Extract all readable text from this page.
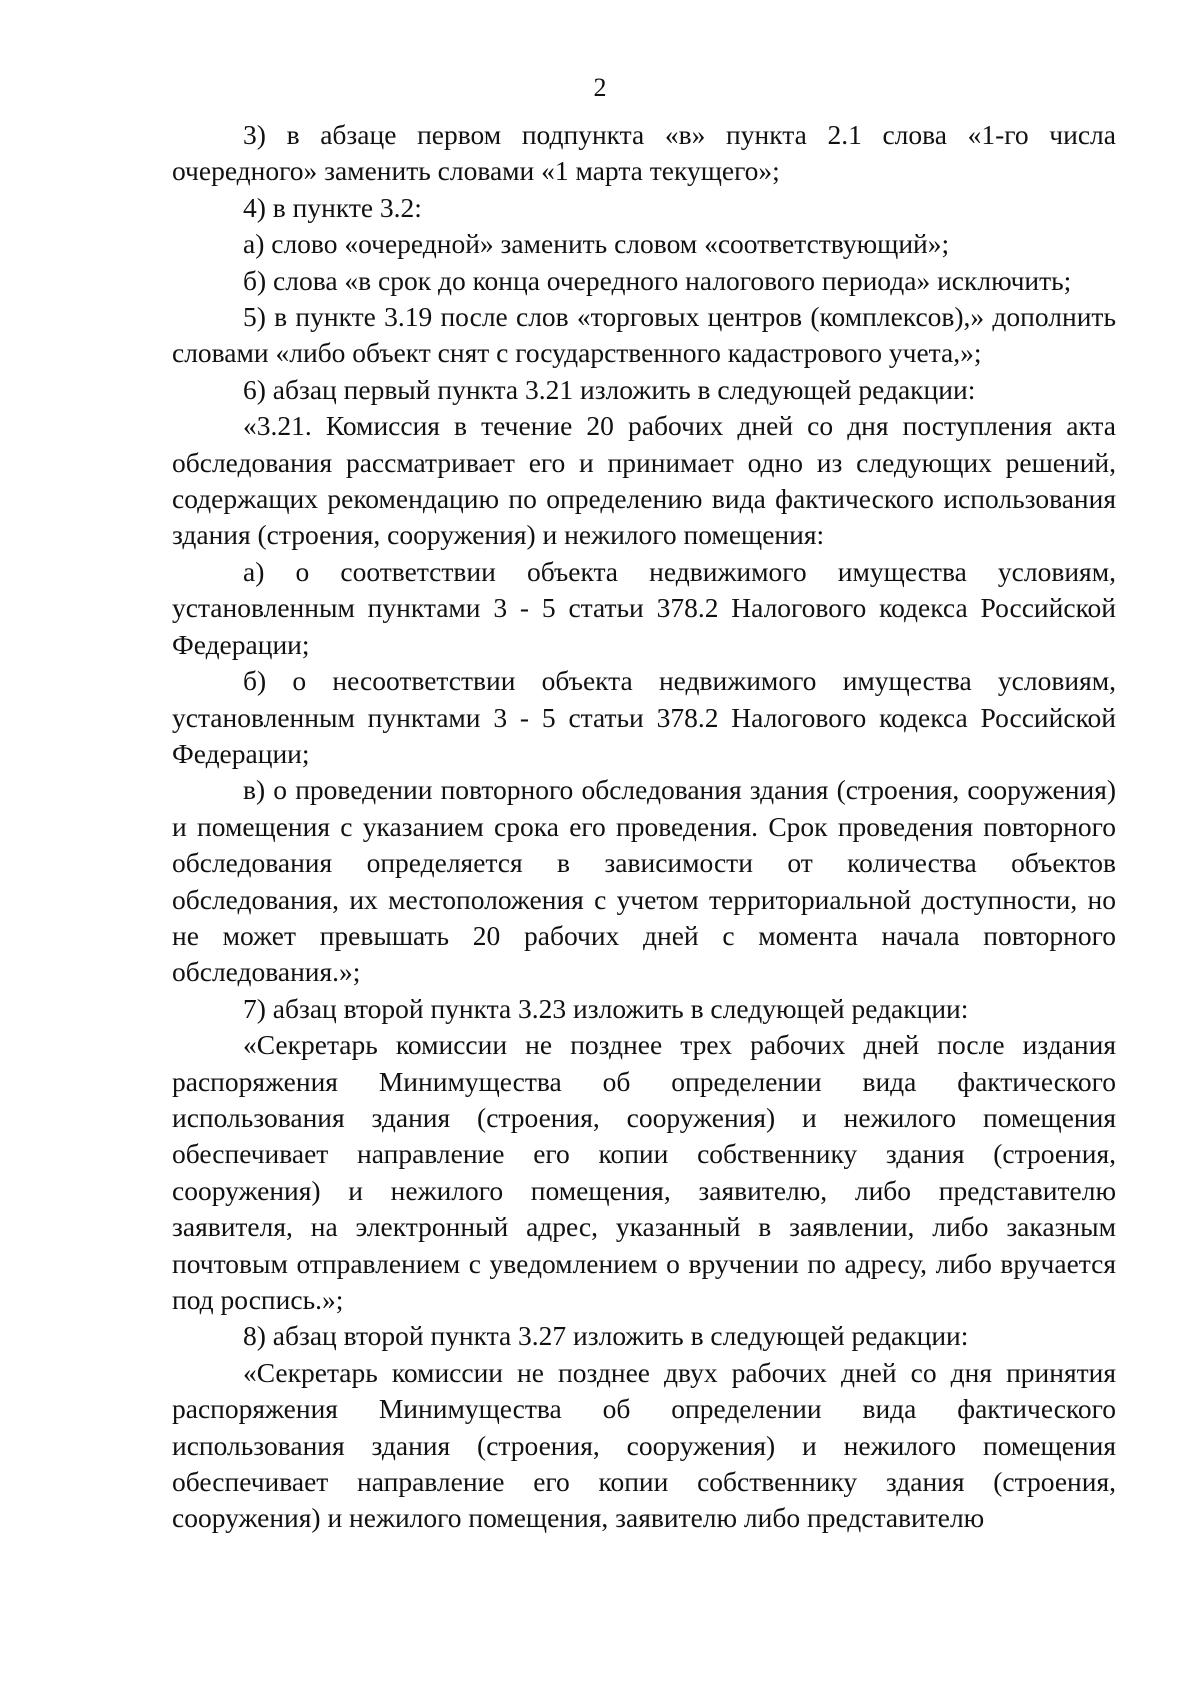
2

3) в абзаце первом подпункта «в» пункта 2.1 слова «1-го числа очередного» заменить словами «1 марта текущего»;

4) в пункте 3.2:

а) слово «очередной» заменить словом «соответствующий»;

б) слова «в срок до конца очередного налогового периода» исключить;

5) в пункте 3.19 после слов «торговых центров (комплексов),» дополнить словами «либо объект снят с государственного кадастрового учета,»;

6) абзац первый пункта 3.21 изложить в следующей редакции:

«3.21. Комиссия в течение 20 рабочих дней со дня поступления акта обследования рассматривает его и принимает одно из следующих решений, содержащих рекомендацию по определению вида фактического использования здания (строения, сооружения) и нежилого помещения:

а) о соответствии объекта недвижимого имущества условиям, установленным пунктами 3 - 5 статьи 378.2 Налогового кодекса Российской Федерации;

б) о несоответствии объекта недвижимого имущества условиям, установленным пунктами 3 - 5 статьи 378.2 Налогового кодекса Российской Федерации;

в) о проведении повторного обследования здания (строения, сооружения) и помещения с указанием срока его проведения. Срок проведения повторного обследования определяется в зависимости от количества объектов обследования, их местоположения с учетом территориальной доступности, но не может превышать 20 рабочих дней с момента начала повторного обследования.»;

7) абзац второй пункта 3.23 изложить в следующей редакции:

«Секретарь комиссии не позднее трех рабочих дней после издания распоряжения Минимущества об определении вида фактического использования здания (строения, сооружения) и нежилого помещения обеспечивает направление его копии собственнику здания (строения, сооружения) и нежилого помещения, заявителю, либо представителю заявителя, на электронный адрес, указанный в заявлении, либо заказным почтовым отправлением с уведомлением о вручении по адресу, либо вручается под роспись.»;

8) абзац второй пункта 3.27 изложить в следующей редакции:

«Секретарь комиссии не позднее двух рабочих дней со дня принятия распоряжения Минимущества об определении вида фактического использования здания (строения, сооружения) и нежилого помещения обеспечивает направление его копии собственнику здания (строения, сооружения) и нежилого помещения, заявителю либо представителю
